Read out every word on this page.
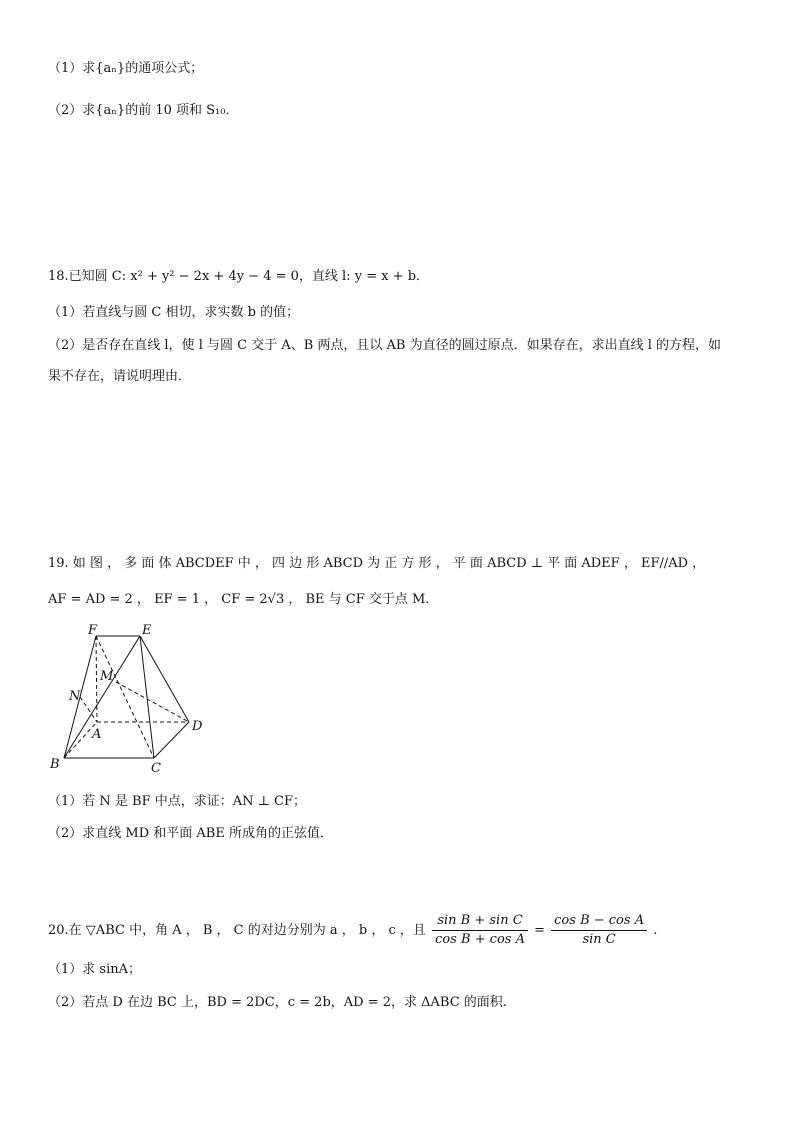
（1）求{aₙ}的通项公式；
（2）求{aₙ}的前 10 项和 S₁₀．
18.已知圆 C: x² + y² − 2x + 4y − 4 = 0，直线 l: y = x + b．
（1）若直线与圆 C 相切，求实数 b 的值；
（2）是否存在直线 l，使 l 与圆 C 交于 A、B 两点，且以 AB 为直径的圆过原点．如果存在，求出直线 l 的方程，如
果不存在，请说明理由．
19. 如 图 ， 多 面 体 ABCDEF 中 ， 四 边 形 ABCD 为 正 方 形 ， 平 面 ABCD ⊥ 平 面 ADEF ， EF//AD ，
AF = AD = 2 ， EF = 1 ， CF = 2√3 ， BE 与 CF 交于点 M．
F	E
M
N
A
D
B	C
（1）若 N 是 BF 中点，求证：AN ⊥ CF；
（2）求直线 MD 和平面 ABE 所成角的正弦值．
20.在 ▽ABC 中，角 A ， B ， C 的对边分别为 a ， b ， c ，且 $\frac{\text{sin B + sin C}}{\text{cos B + cos A}} = \frac{\text{cos B − cos A}}{\text{sin C}}$ .
（1）求 sinA；
（2）若点 D 在边 BC 上，BD = 2DC，c = 2b，AD = 2，求 ΔABC 的面积.
